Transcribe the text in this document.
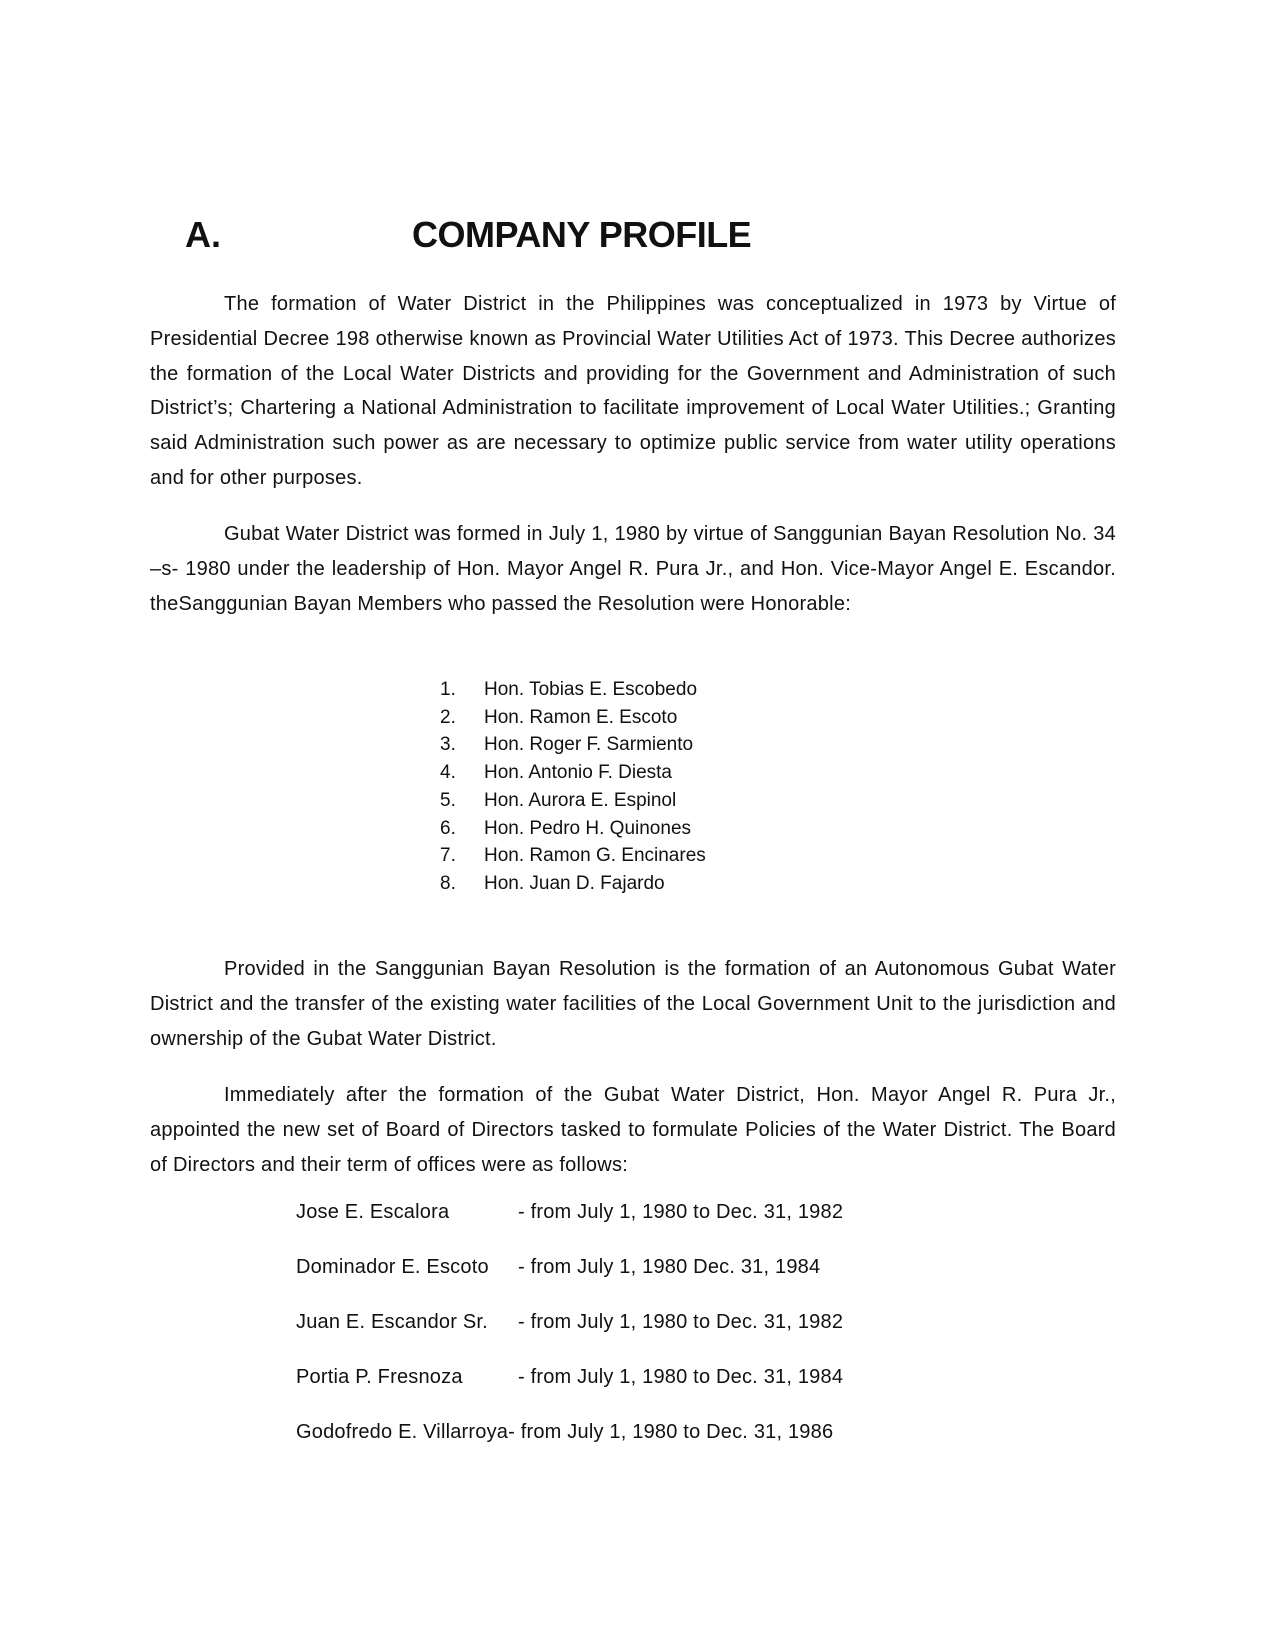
A.	COMPANY PROFILE

The formation of Water District in the Philippines was conceptualized in 1973 by Virtue of Presidential Decree 198 otherwise known as Provincial Water Utilities Act of 1973. This Decree authorizes the formation of the Local Water Districts and providing for the Government and Administration of such District’s; Chartering a National Administration to facilitate improvement of Local Water Utilities.; Granting said Administration such power as are necessary to optimize public service from water utility operations and for other purposes.

Gubat Water District was formed in July 1, 1980 by virtue of Sanggunian Bayan Resolution No. 34 –s- 1980 under the leadership of Hon. Mayor Angel R. Pura Jr., and Hon. Vice-Mayor Angel E. Escandor. theSanggunian Bayan Members who passed the Resolution were Honorable:

1.	Hon. Tobias E. Escobedo
2.	Hon. Ramon E. Escoto
3.	Hon. Roger F. Sarmiento
4.	Hon. Antonio F. Diesta
5.	Hon. Aurora E. Espinol
6.	Hon. Pedro H. Quinones
7.	Hon. Ramon G. Encinares
8.	Hon. Juan D. Fajardo

Provided in the Sanggunian Bayan Resolution is the formation of an Autonomous Gubat Water District and the transfer of the existing water facilities of the Local Government Unit to the jurisdiction and ownership of the Gubat Water District.

Immediately after the formation of the Gubat Water District, Hon. Mayor Angel R. Pura Jr., appointed the new set of Board of Directors tasked to formulate Policies of the Water District. The Board of Directors and their term of offices were as follows:

Jose E. Escalora	- from July 1, 1980 to Dec. 31, 1982
Dominador E. Escoto - from July 1, 1980 Dec. 31, 1984
Juan E. Escandor Sr. - from July 1, 1980 to Dec. 31, 1982
Portia P. Fresnoza	- from July 1, 1980 to Dec. 31, 1984
Godofredo E. Villarroya- from July 1, 1980 to Dec. 31, 1986
